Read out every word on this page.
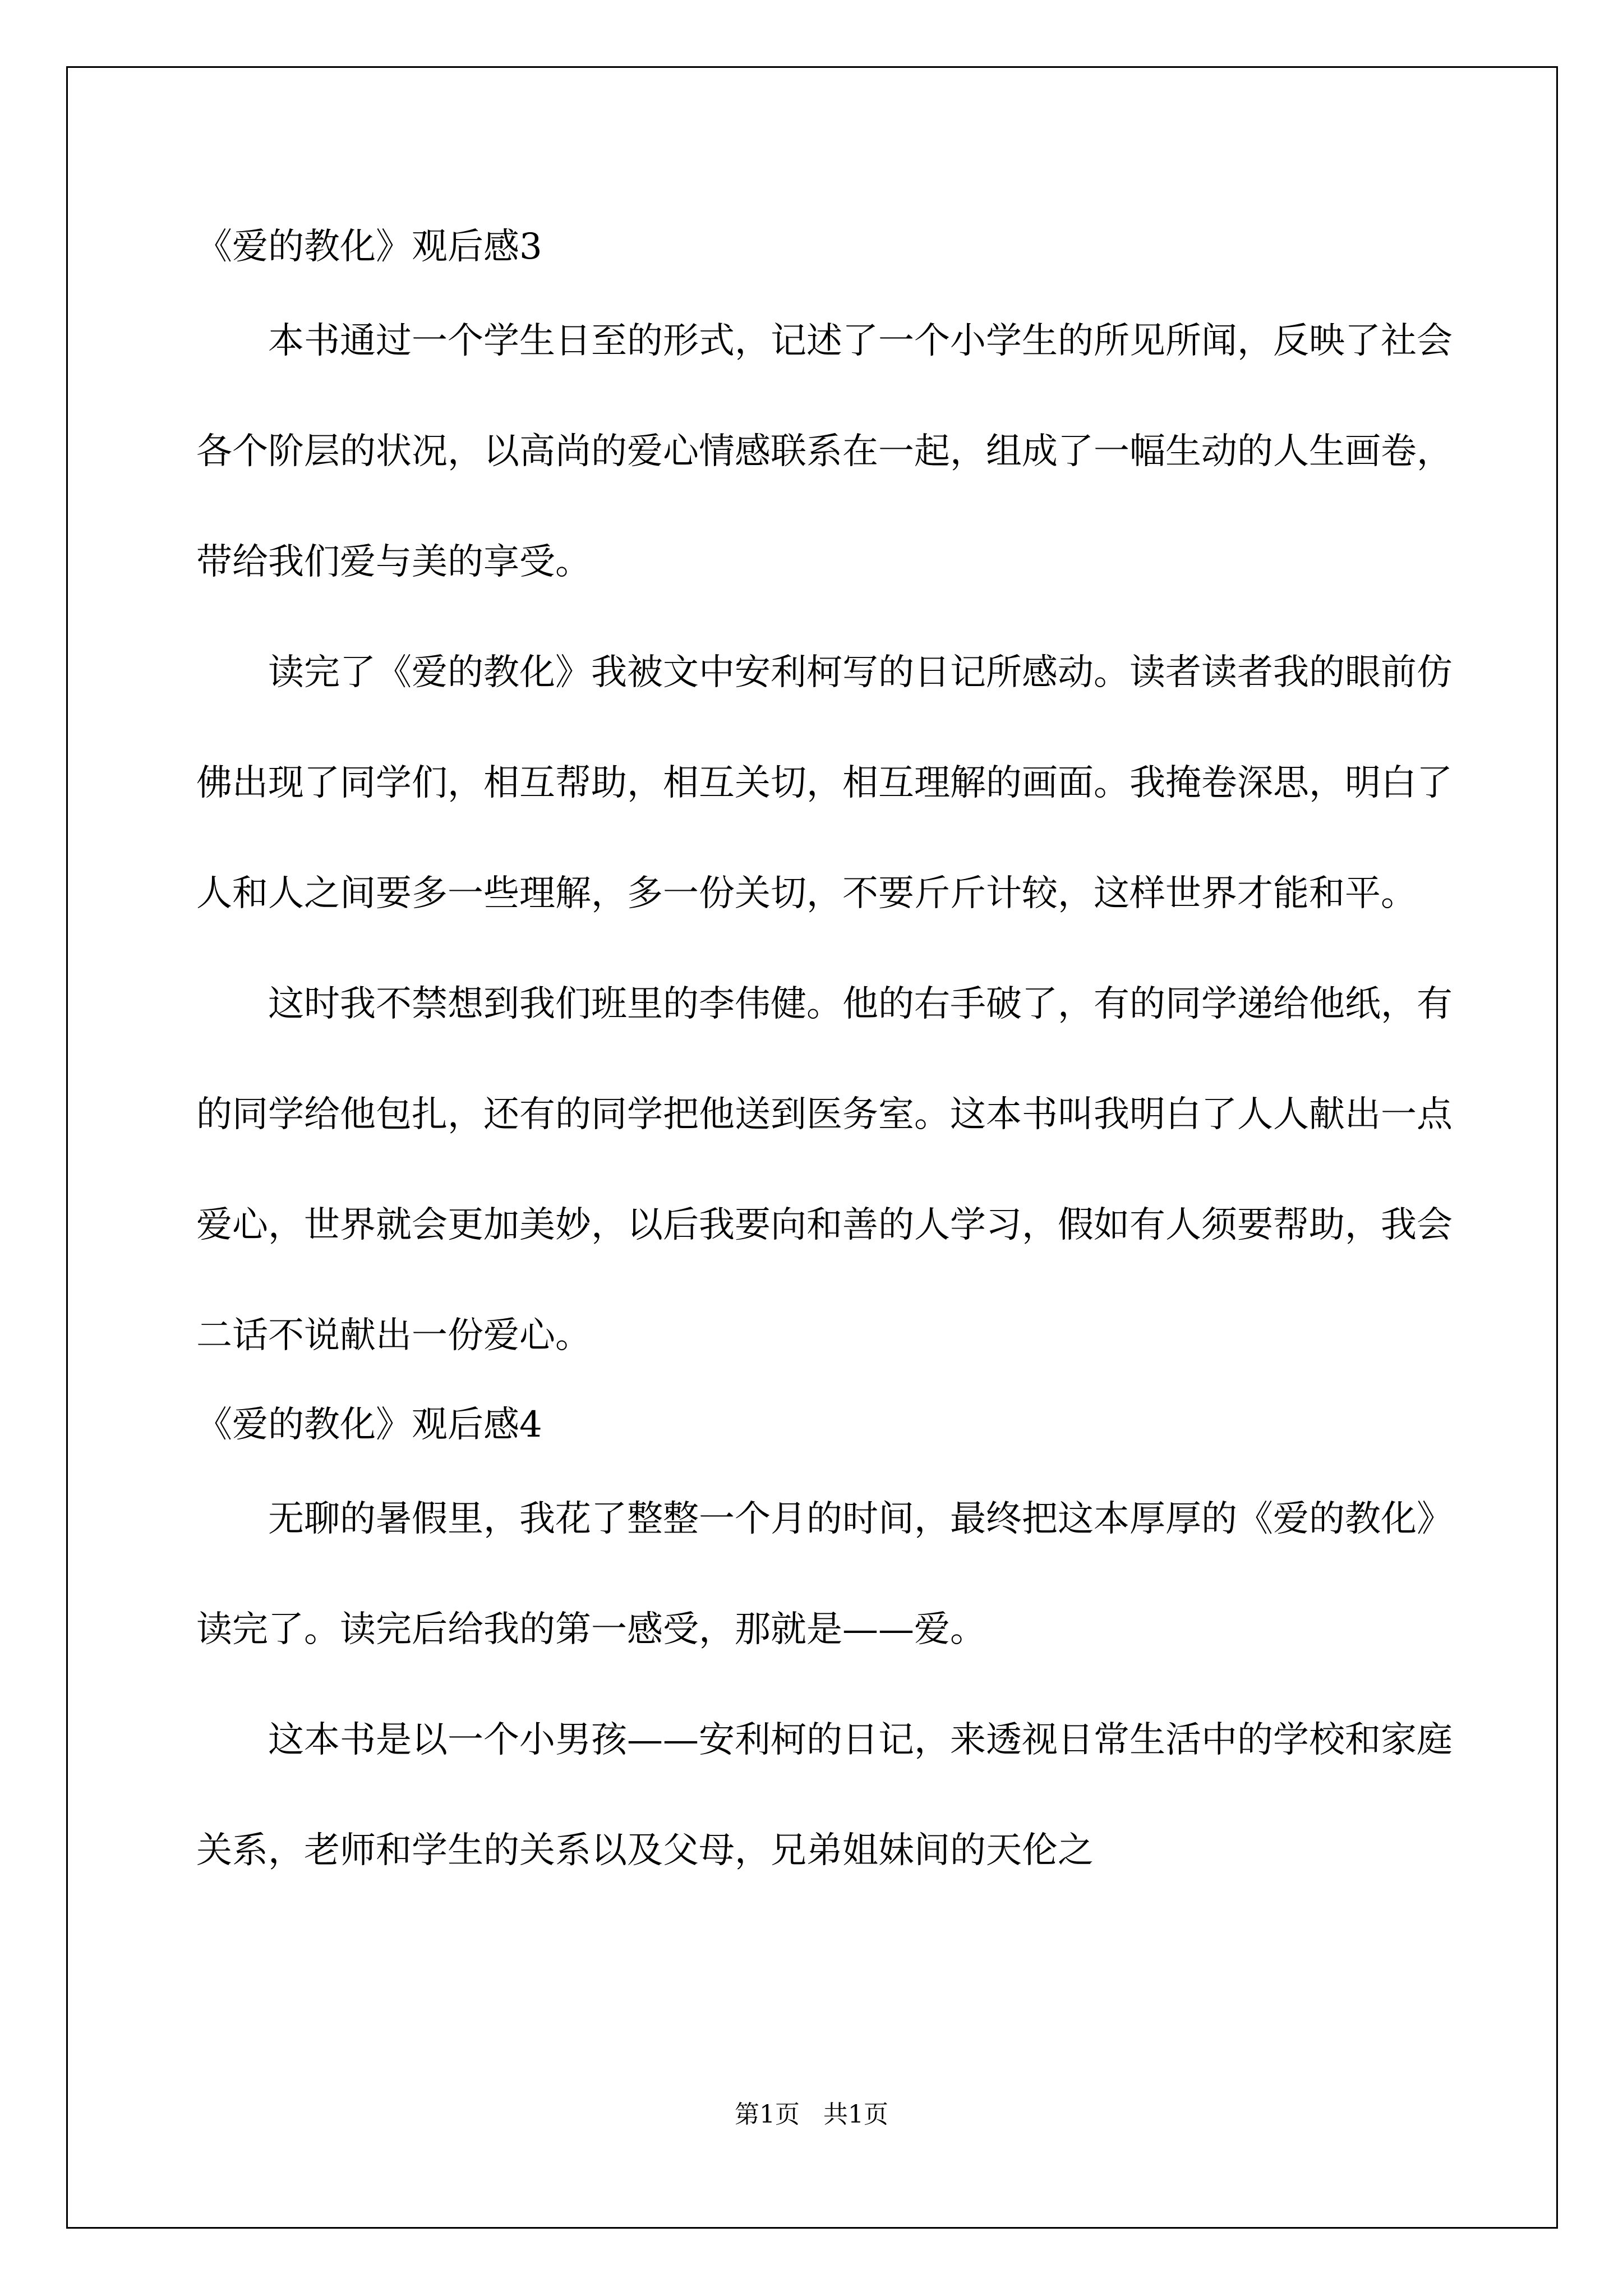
《爱的教化》观后感3

本书通过一个学生日至的形式，记述了一个小学生的所见所闻，反映了社会各个阶层的状况，以高尚的爱心情感联系在一起，组成了一幅生动的人生画卷，带给我们爱与美的享受。

读完了《爱的教化》我被文中安利柯写的日记所感动。读者读者我的眼前仿佛出现了同学们，相互帮助，相互关切，相互理解的画面。我掩卷深思，明白了人和人之间要多一些理解，多一份关切，不要斤斤计较，这样世界才能和平。

这时我不禁想到我们班里的李伟健。他的右手破了，有的同学递给他纸，有的同学给他包扎，还有的同学把他送到医务室。这本书叫我明白了人人献出一点爱心，世界就会更加美妙，以后我要向和善的人学习，假如有人须要帮助，我会二话不说献出一份爱心。

《爱的教化》观后感4

无聊的暑假里，我花了整整一个月的时间，最终把这本厚厚的《爱的教化》读完了。读完后给我的第一感受，那就是——爱。

这本书是以一个小男孩——安利柯的日记，来透视日常生活中的学校和家庭关系，老师和学生的关系以及父母，兄弟姐妹间的天伦之

第1页   共1页
